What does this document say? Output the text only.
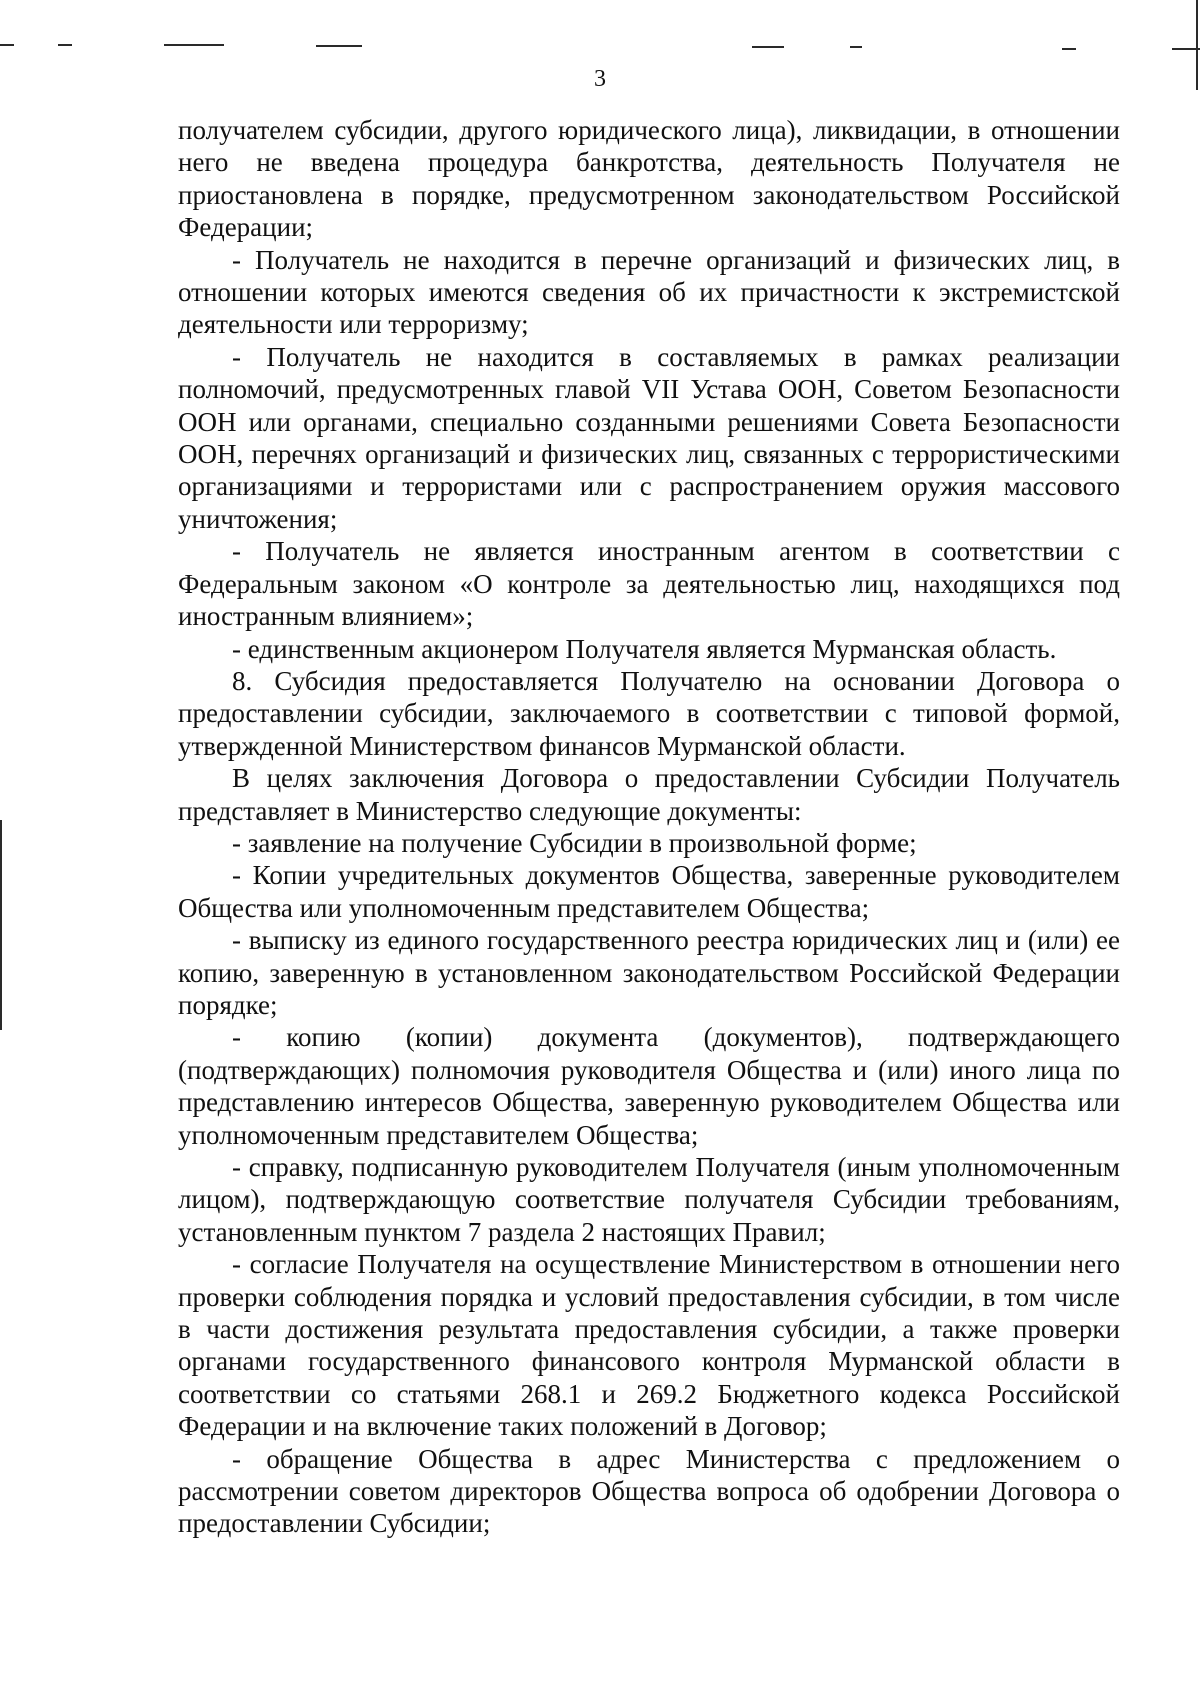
3

получателем субсидии, другого юридического лица), ликвидации, в отношении него не введена процедура банкротства, деятельность Получателя не приостановлена в порядке, предусмотренном законодательством Российской Федерации;

- Получатель не находится в перечне организаций и физических лиц, в отношении которых имеются сведения об их причастности к экстремистской деятельности или терроризму;

- Получатель не находится в составляемых в рамках реализации полномочий, предусмотренных главой VII Устава ООН, Советом Безопасности ООН или органами, специально созданными решениями Совета Безопасности ООН, перечнях организаций и физических лиц, связанных с террористическими организациями и террористами или с распространением оружия массового уничтожения;

- Получатель не является иностранным агентом в соответствии с Федеральным законом «О контроле за деятельностью лиц, находящихся под иностранным влиянием»;

- единственным акционером Получателя является Мурманская область.

8. Субсидия предоставляется Получателю на основании Договора о предоставлении субсидии, заключаемого в соответствии с типовой формой, утвержденной Министерством финансов Мурманской области.

В целях заключения Договора о предоставлении Субсидии Получатель представляет в Министерство следующие документы:

- заявление на получение Субсидии в произвольной форме;

- Копии учредительных документов Общества, заверенные руководителем Общества или уполномоченным представителем Общества;

- выписку из единого государственного реестра юридических лиц и (или) ее копию, заверенную в установленном законодательством Российской Федерации порядке;

- копию (копии) документа (документов), подтверждающего (подтверждающих) полномочия руководителя Общества и (или) иного лица по представлению интересов Общества, заверенную руководителем Общества или уполномоченным представителем Общества;

- справку, подписанную руководителем Получателя (иным уполномоченным лицом), подтверждающую соответствие получателя Субсидии требованиям, установленным пунктом 7 раздела 2 настоящих Правил;

- согласие Получателя на осуществление Министерством в отношении него проверки соблюдения порядка и условий предоставления субсидии, в том числе в части достижения результата предоставления субсидии, а также проверки органами государственного финансового контроля Мурманской области в соответствии со статьями 268.1 и 269.2 Бюджетного кодекса Российской Федерации и на включение таких положений в Договор;

- обращение Общества в адрес Министерства с предложением о рассмотрении советом директоров Общества вопроса об одобрении Договора о предоставлении Субсидии;
